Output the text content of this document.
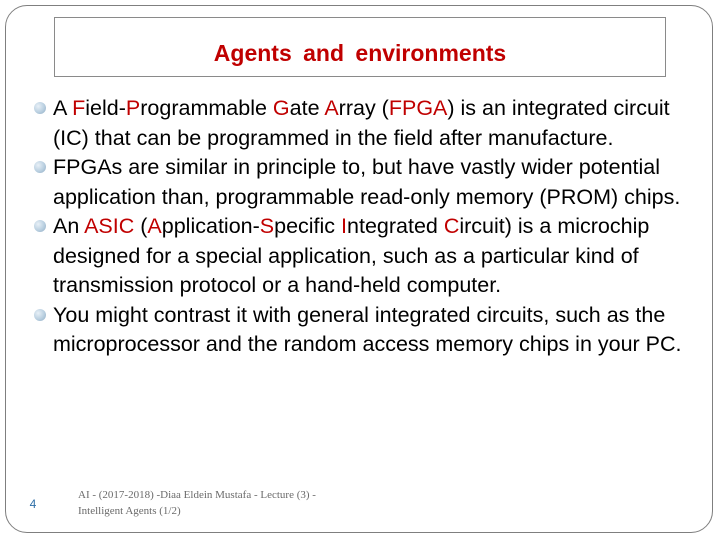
Agents and environments
A Field-Programmable Gate Array (FPGA) is an integrated circuit (IC) that can be programmed in the field after manufacture.
FPGAs are similar in principle to, but have vastly wider potential application than, programmable read-only memory (PROM) chips.
An ASIC (Application-Specific Integrated Circuit) is a microchip designed for a special application, such as a particular kind of transmission protocol or a hand-held computer.
You might contrast it with general integrated circuits, such as the microprocessor and the random access memory chips in your PC.
4
AI - (2017-2018) -Diaa Eldein Mustafa - Lecture (3) -
Intelligent Agents (1/2)
